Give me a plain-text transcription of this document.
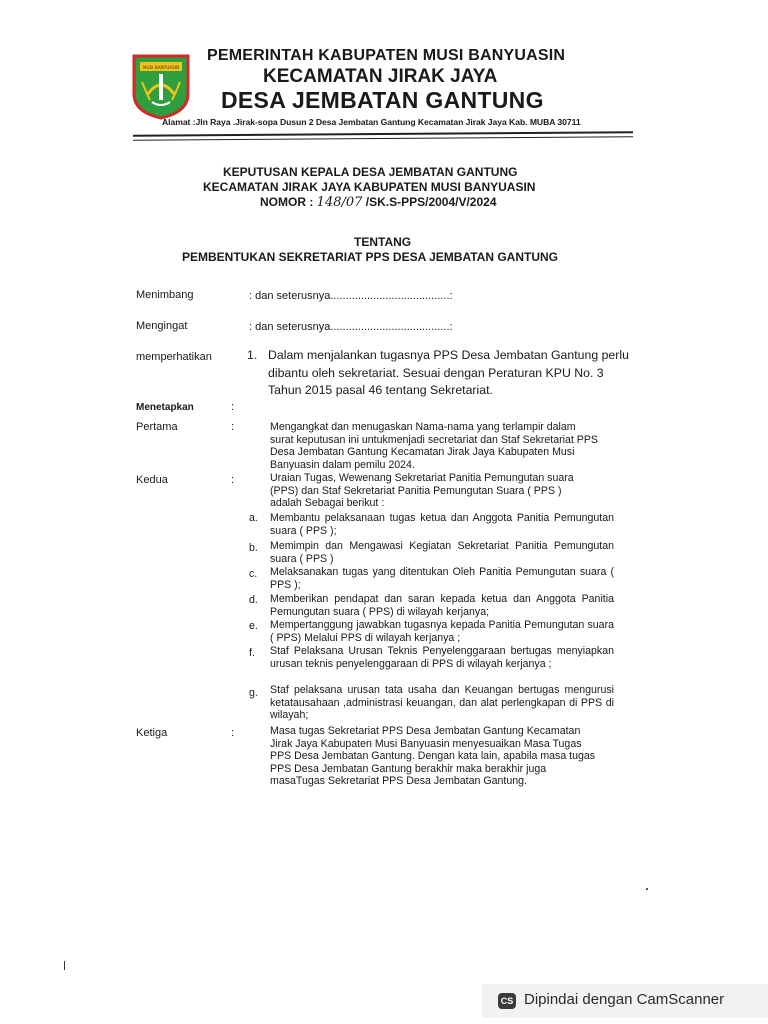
MUSI BANYUASIN
PEMERINTAH KABUPATEN MUSI BANYUASIN
KECAMATAN JIRAK JAYA
DESA JEMBATAN GANTUNG
Alamat :Jln Raya .Jirak-sopa Dusun 2 Desa Jembatan Gantung Kecamatan Jirak Jaya Kab. MUBA 30711
KEPUTUSAN KEPALA DESA JEMBATAN GANTUNG
KECAMATAN JIRAK JAYA KABUPATEN MUSI BANYUASIN
NOMOR : 148/07 /SK.S-PPS/2004/V/2024
TENTANG
PEMBENTUKAN SEKRETARIAT PPS DESA JEMBATAN GANTUNG
Menimbang	: dan seterusnya.......................................:
Mengingat	: dan seterusnya.......................................:
memperhatikan	1. Dalam menjalankan tugasnya PPS Desa Jembatan Gantung perlu
dibantu oleh sekretariat. Sesuai dengan Peraturan KPU No. 3
Tahun 2015 pasal 46 tentang Sekretariat.
Menetapkan	:
Pertama	:	Mengangkat dan menugaskan Nama-nama yang terlampir dalam
surat keputusan ini untukmenjadi secretariat dan Staf Sekretariat PPS
Desa Jembatan Gantung Kecamatan Jirak Jaya Kabupaten Musi
Banyuasin dalam pemilu 2024.
Kedua	:	Uraian Tugas, Wewenang Sekretariat Panitia Pemungutan suara
(PPS) dan Staf Sekretariat Panitia Pemungutan Suara ( PPS )
adalah Sebagai berikut :
a. Membantu pelaksanaan tugas ketua dan Anggota Panitia Pemungutan suara ( PPS );
b. Memimpin dan Mengawasi Kegiatan Sekretariat Panitia Pemungutan suara ( PPS )
c. Melaksanakan tugas yang ditentukan Oleh Panitia Pemungutan suara ( PPS );
d. Memberikan pendapat dan saran kepada ketua dan Anggota Panitia Pemungutan suara ( PPS) di wilayah kerjanya;
e. Mempertanggung jawabkan tugasnya kepada Panitia Pemungutan suara ( PPS) Melalui PPS di wilayah kerjanya ;
f. Staf Pelaksana Urusan Teknis Penyelenggaraan bertugas menyiapkan urusan teknis penyelenggaraan di PPS di wilayah kerjanya ;
g. Staf pelaksana urusan tata usaha dan Keuangan bertugas mengurusi ketatausahaan ,administrasi keuangan, dan alat perlengkapan di PPS di wilayah;
Ketiga	:	Masa tugas Sekretariat PPS Desa Jembatan Gantung Kecamatan
Jirak Jaya Kabupaten Musi Banyuasin menyesuaikan Masa Tugas
PPS Desa Jembatan Gantung. Dengan kata lain, apabila masa tugas
PPS Desa Jembatan Gantung berakhir maka berakhir juga
masaTugas Sekretariat PPS Desa Jembatan Gantung.
CS Dipindai dengan CamScanner
